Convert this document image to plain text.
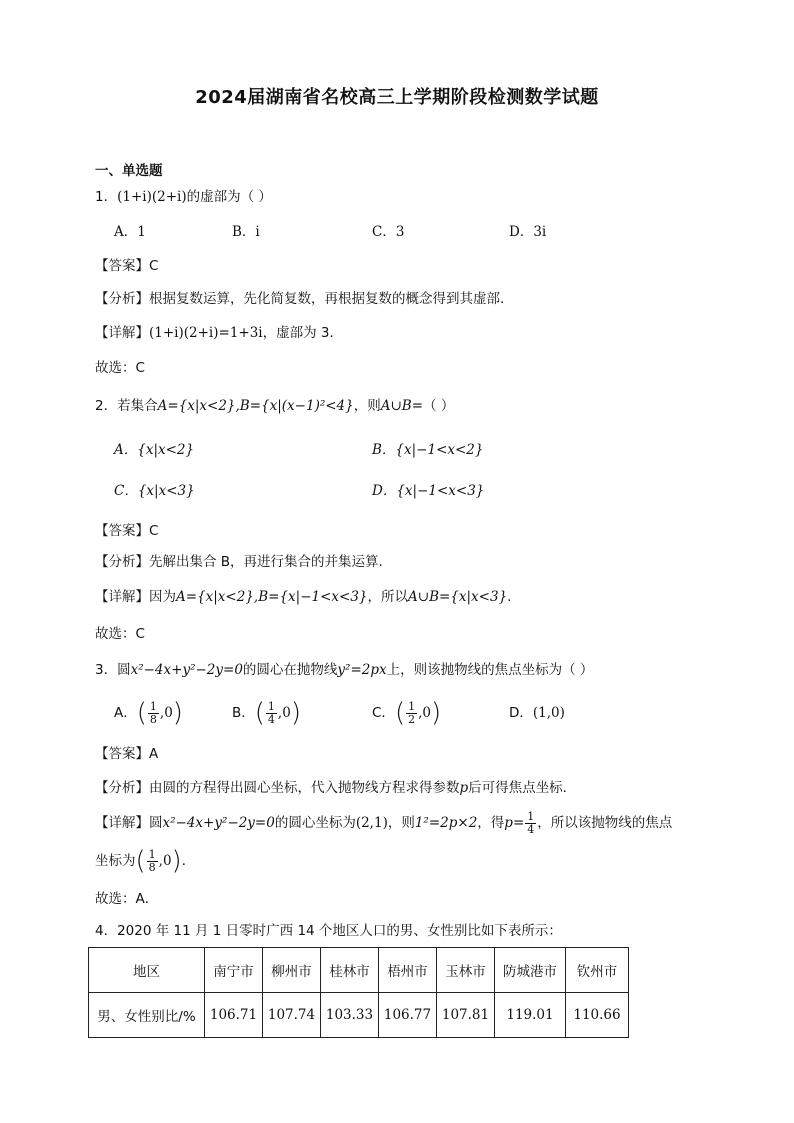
2024届湖南省名校高三上学期阶段检测数学试题
一、单选题
1．(1+i)(2+i)的虚部为（ ）
A．1	B．i	C．3	D．3i
【答案】C
【分析】根据复数运算，先化简复数，再根据复数的概念得到其虚部.
【详解】(1+i)(2+i)=1+3i，虚部为 3．
故选：C
2．若集合A={x|x<2},B={x|(x−1)²<4}，则A∪B=（ ）
A．{x|x<2}	B．{x|−1<x<2}
C．{x|x<3}	D．{x|−1<x<3}
【答案】C
【分析】先解出集合 B，再进行集合的并集运算.
【详解】因为A={x|x<2},B={x|−1<x<3}，所以A∪B={x|x<3}.
故选：C
3．圆x²−4x+y²−2y=0的圆心在抛物线y²=2px上，则该抛物线的焦点坐标为（ ）
A．( $\frac{1}{8} ,0$)	B．( $\frac{1}{4} ,0$)	C．( $\frac{1}{2} ,0$)	D．(1,0)
【答案】A
【分析】由圆的方程得出圆心坐标，代入抛物线方程求得参数p后可得焦点坐标．
【详解】圆x²−4x+y²−2y=0的圆心坐标为(2,1)，则1²=2p×2，得$p= \frac{1}{4}$ ，所以该抛物线的焦点
坐标为( $\frac{1}{8} ,0$)．
故选：A．
4．2020 年 11 月 1 日零时广西 14 个地区人口的男、女性别比如下表所示：
地区	南宁市	柳州市	桂林市	梧州市	玉林市	防城港市	钦州市
男、女性别比/%	106.71	107.74	103.33	106.77	107.81	119.01	110.66
